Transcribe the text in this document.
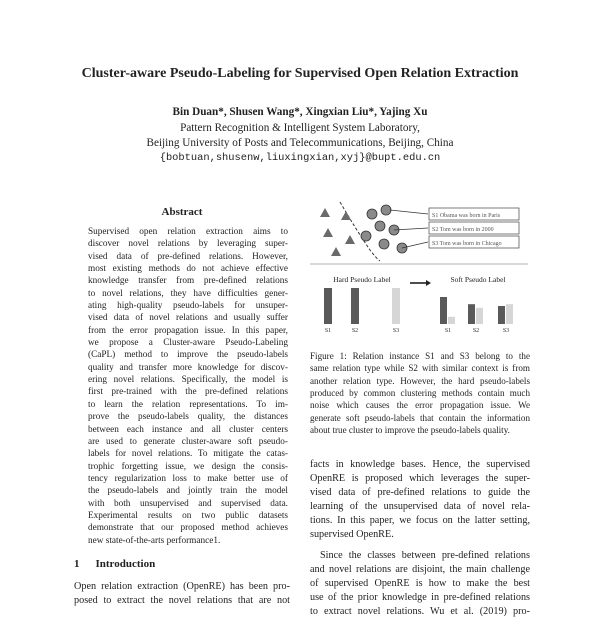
Cluster-aware Pseudo-Labeling for Supervised Open Relation Extraction
Bin Duan*, Shusen Wang*, Xingxian Liu*, Yajing Xu
Pattern Recognition & Intelligent System Laboratory,
Beijing University of Posts and Telecommunications, Beijing, China
{bobtuan,shusenw,liuxingxian,xyj}@bupt.edu.cn
Abstract
Supervised open relation extraction aims to
discover novel relations by leveraging super-
vised data of pre-defined relations. However,
most existing methods do not achieve effective
knowledge transfer from pre-defined relations
to novel relations, they have difficulties gener-
ating high-quality pseudo-labels for unsuper-
vised data of novel relations and usually suffer
from the error propagation issue. In this paper,
we propose a Cluster-aware Pseudo-Labeling
(CaPL) method to improve the pseudo-labels
quality and transfer more knowledge for discov-
ering novel relations. Specifically, the model is
first pre-trained with the pre-defined relations
to learn the relation representations. To im-
prove the pseudo-labels quality, the distances
between each instance and all cluster centers
are used to generate cluster-aware soft pseudo-
labels for novel relations. To mitigate the catas-
trophic forgetting issue, we design the consis-
tency regularization loss to make better use of
the pseudo-labels and jointly train the model
with both unsupervised and supervised data.
Experimental results on two public datasets
demonstrate that our proposed method achieves
new state-of-the-arts performance1.
1 Introduction
Open relation extraction (OpenRE) has been pro-
posed to extract the novel relations that are not
S1 Obama was born in Paris
S2 Tom was born in 2000
S3 Tom was born in Chicago
Hard Pseudo Label	Soft Pseudo Label
S1	S2	S3	S1	S2	S3
Figure 1: Relation instance S1 and S3 belong to the
same relation type while S2 with similar context is from
another relation type. However, the hard pseudo-labels
produced by common clustering methods contain much
noise which causes the error propagation issue. We
generate soft pseudo-labels that contain the information
about true cluster to improve the pseudo-labels quality.
facts in knowledge bases. Hence, the supervised
OpenRE is proposed which leverages the super-
vised data of pre-defined relations to guide the
learning of the unsupervised data of novel rela-
tions. In this paper, we focus on the latter setting,
supervised OpenRE.
Since the classes between pre-defined relations
and novel relations are disjoint, the main challenge
of supervised OpenRE is how to make the best
use of the prior knowledge in pre-defined relations
to extract novel relations. Wu et al. (2019) pro-
